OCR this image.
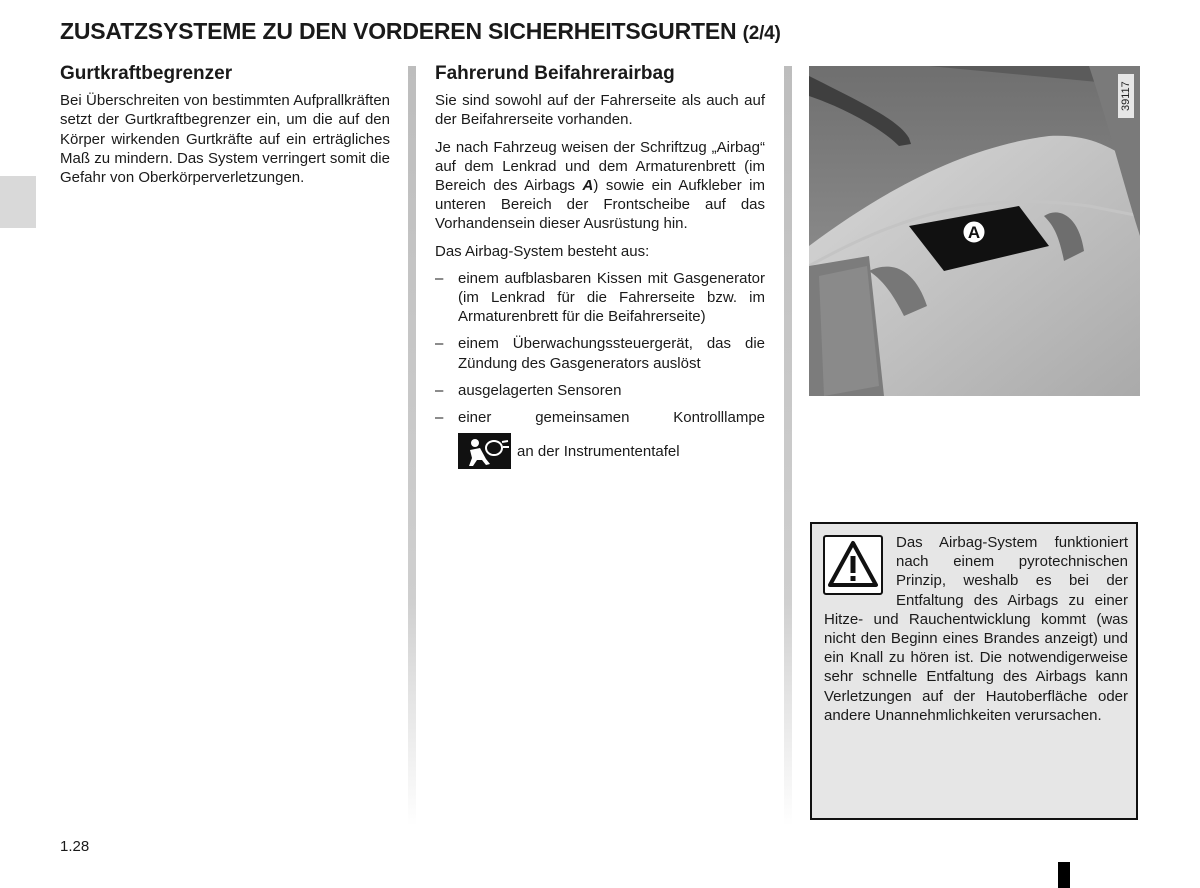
ZUSATZSYSTEME ZU DEN VORDEREN SICHERHEITSGURTEN (2/4)
Gurtkraftbegrenzer

Bei Überschreiten von bestimmten Aufprallkräften setzt der Gurtkraftbegrenzer ein, um die auf den Körper wirkenden Gurtkräfte auf ein erträgliches Maß zu mindern. Das System verringert somit die Gefahr von Oberkörperverletzungen.

Fahrerund Beifahrerairbag

Sie sind sowohl auf der Fahrerseite als auch auf der Beifahrerseite vorhanden.

Je nach Fahrzeug weisen der Schriftzug „Airbag“ auf dem Lenkrad und dem Armaturenbrett (im Bereich des Airbags A) sowie ein Aufkleber im unteren Bereich der Frontscheibe auf das Vorhandensein dieser Ausrüstung hin.

Das Airbag-System besteht aus:

– einem aufblasbaren Kissen mit Gasgenerator (im Lenkrad für die Fahrerseite bzw. im Armaturenbrett für die Beifahrerseite)
– einem Überwachungssteuergerät, das die Zündung des Gasgenerators auslöst
– ausgelagerten Sensoren
– einer gemeinsamen Kontrolllampe
an der Instrumententafel
A
39117
Das Airbag-System funktioniert nach einem pyrotechnischen Prinzip, weshalb es bei der Entfaltung des Airbags zu einer Hitze- und Rauchentwicklung kommt (was nicht den Beginn eines Brandes anzeigt) und ein Knall zu hören ist. Die notwendigerweise sehr schnelle Entfaltung des Airbags kann Verletzungen auf der Hautoberfläche oder andere Unannehmlichkeiten verursachen.
1.28
